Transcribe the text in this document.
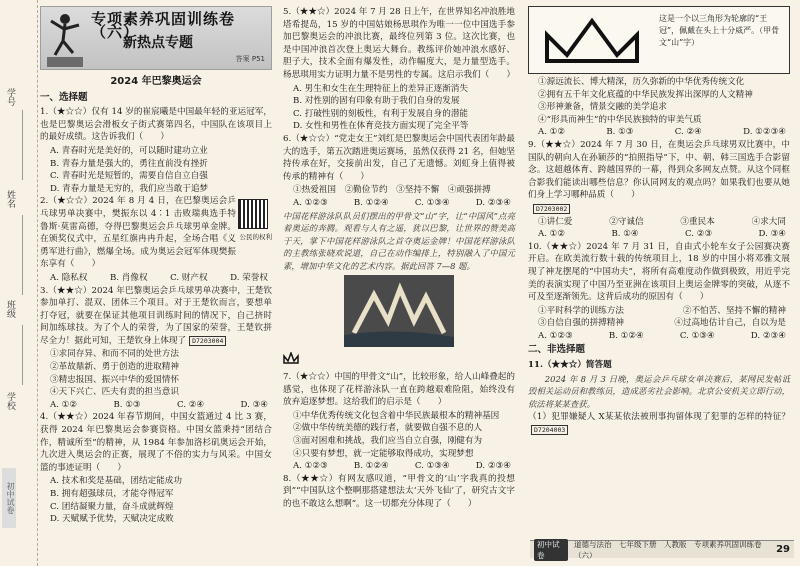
学号
姓名
班级
学校
初中试卷
专项素养巩固训练卷（六）
新热点专题
答案 P51
2024 年巴黎奥运会
一、选择题
1.（★☆☆）仅有 14 岁的崔宸曦是中国最年轻的亚运冠军，也是巴黎奥运会滑板女子街式赛第四名，中国队在该项目上的最好成绩。这告诉我们（　　）
A. 青春时光是美好的，可以随时建功立业
B. 青春力量是强大的，勇往直前没有挫折
C. 青春时光是短暂的，需要自信自立自强
D. 青春力量是无穷的，我们应当敢于追梦
2.（★☆☆）2024 年 8 月 4 日，在巴黎奥运会乒乓球男单决赛中，樊振东以 4∶1 击败瑞典选手特鲁斯·莫雷高德，夺得巴黎奥运会乒乓球男单金牌。在颁奖仪式中，五星红旗冉冉升起，全场合唱《义勇军进行曲》，燃爆全场。成为奥运会冠军体现樊振东享有（　　）
公民的权利
A. 隐私权	B. 肖像权	C. 财产权	D. 荣誉权
3.（★★☆）2024 年巴黎奥运会乒乓球男单决赛中，王楚钦参加单打、混双、团体三个项目。对于王楚钦而言，要想单打夺冠，就要在保证其他项目训练时间的情况下，自己挤时间加练球技。为了个人的荣誉，为了国家的荣誉，王楚钦拼尽全力！据此可知，王楚钦身上体现了 D7203004
①求同存异、和而不同的处世方法
②革故鼎新、勇于创造的进取精神
③精忠报国、振兴中华的爱国情怀
④天下兴亡、匹夫有责的担当意识
A. ①②	B. ①③	C. ②④	D. ③④
4.（★★☆）2024 年春节期间，中国女篮通过 4 比 3 赛，获得 2024 年巴黎奥运会参赛资格。中国女篮秉持“团结合作，精诚所至”的精神，从 1984 年参加洛杉矶奥运会开始，九次进入奥运会的正赛，展现了不俗的实力与风采。中国女篮的事迹证明（　　）
A. 技术和奖是基础，团结定能成功
B. 拥有超强球员，才能夺得冠军
C. 团结凝聚力量，奋斗成就辉煌
D. 天赋赋予优势，天赋决定成败
5.（★★☆）2024 年 7 月 28 日上午，在世界知名冲浪胜地塔希提岛，15 岁的中国姑娘杨思琪作为唯一一位中国选手参加巴黎奥运会的冲浪比赛，最终位列第 3 位。这次比赛，也是中国冲浪首次登上奥运大舞台。教练评价她冲浪水感好、胆子大，技术全面有爆发性，动作幅度大，是力量型选手。杨思琪用实力证明力量不是男性的专属。这启示我们（　　）
A. 男生和女生在生理特征上的差异正逐渐消失
B. 对性别的固有印象有助于我们自身的发展
C. 打破性别的刻板性，有利于发展自身的潜能
D. 女性和男性在体育竞技方面实现了完全平等
6.（★☆☆）“党走女王”刘红是巴黎奥运会中国代表团年龄最大的选手，第五次踏进奥运赛场，虽然仅获得 21 名，但她坚持传承在好，交接前出发，自己了无遗憾。刘虹身上值得被传承的精神有（　　）
①热爱祖国　②勤俭节约　③坚持不懈　④顽强拼搏
A. ①②③	B. ①②④	C. ①③④	D. ②③④
中国花样游泳队队员们摆出的甲骨文“山”字，让“中国风”点亮着奥运的奔腾。观看与人有之遥，犹以巴黎，让世界的赞美高于天，掌下中国花样游泳队之首夺奥运金牌！中国花样游泳队的主教练张晓欢说道，自己在动作编排上，特别融入了中国元素，增加中华文化的艺术内容。据此回答 7—8 题。
7.（★☆☆）中国的甲骨文“山”，比较形象，给人山峰叠起的感觉，也体现了花样游泳队一直在跨越艰难险阻，始终没有放弃追逐梦想。这给我们的启示是（　　）
①中华优秀传统文化包含着中华民族最根本的精神基因
②做中华传统美德的践行者，就要做自强不息的人
③面对困难和挑战，我们应当自立自强，刚健有为
④只要有梦想，就一定能够取得成功，实现梦想
A. ①②③	B. ①②④	C. ①③④	D. ②③④
8.（★★☆）有网友感叹道，“甲骨文的‘山’字我真的投想到”“中国队这个整啊那搭建想法太‘天外飞仙’了，研究古文字的也不敢这么想啊”。这一切都充分体现了（　　）
这是一个以三角形为轮廓的“王冠”，佩戴在头上十分威严。（甲骨文“山”字）
①源远流长、博大精深，历久弥新的中华优秀传统文化
②拥有五千年文化底蕴的中华民族发挥出深厚的人文精神
③形神兼备，情景交融的美学追求
④“形具而神生”的中华民族独特的审美气质
A. ①②	B. ①③	C. ②④	D. ①②③④
9.（★★☆）2024 年 7 月 30 日，在奥运会乒乓球男双比赛中，中国队的朝向人在孙颖莎的“拍照指导”下，中、朝、韩三国选手合影留念。这超越体育、跨越国界的一幕，得到众多网友点赞。从这个同框合影我们能读出哪些信息？你认同网友的观点吗？如果我们也要从她们身上学习哪种品质（　　）
D7203002
①讲仁爱	②守诚信	③重民本	④求大同
A. ①②	B. ①④	C. ②③	D. ③④
10.（★★☆）2024 年 7 月 31 日，自由式小轮车女子公园赛决赛开启。在欧美流行数十载的传统项目上，18 岁的中国小将邓雅文展现了神龙摆尾的“中国功夫”，将所有高难度动作做到极致，用近乎完美的表演实现了中国乃至亚洲在该项目上奥运金牌零的突破，从逐不可及至逐渐领先。这背后成功的原因有（　　）
①平时科学的训练方法	②不怕苦、坚持不懈的精神
③自信自强的拼搏精神	④过高地估计自己，自以为是
A. ①②③	B. ①②④	C. ①③④	D. ②③④
二、非选择题
11.（★★☆）简答题
2024 年 8 月 3 日晚，奥运会乒乓球女单决赛后，某网民发帖诋毁相关运动员和教练员，造成恶劣社会影响。北京公安机关立即行动，依法将某某查获。
（1）犯罪嫌疑人 X某某依法被刑事拘留体现了犯罪的怎样的特征？D7204003
初中试卷
道德与法治　七年级下册　人教版　专项素养巩固训练卷（六）	29
